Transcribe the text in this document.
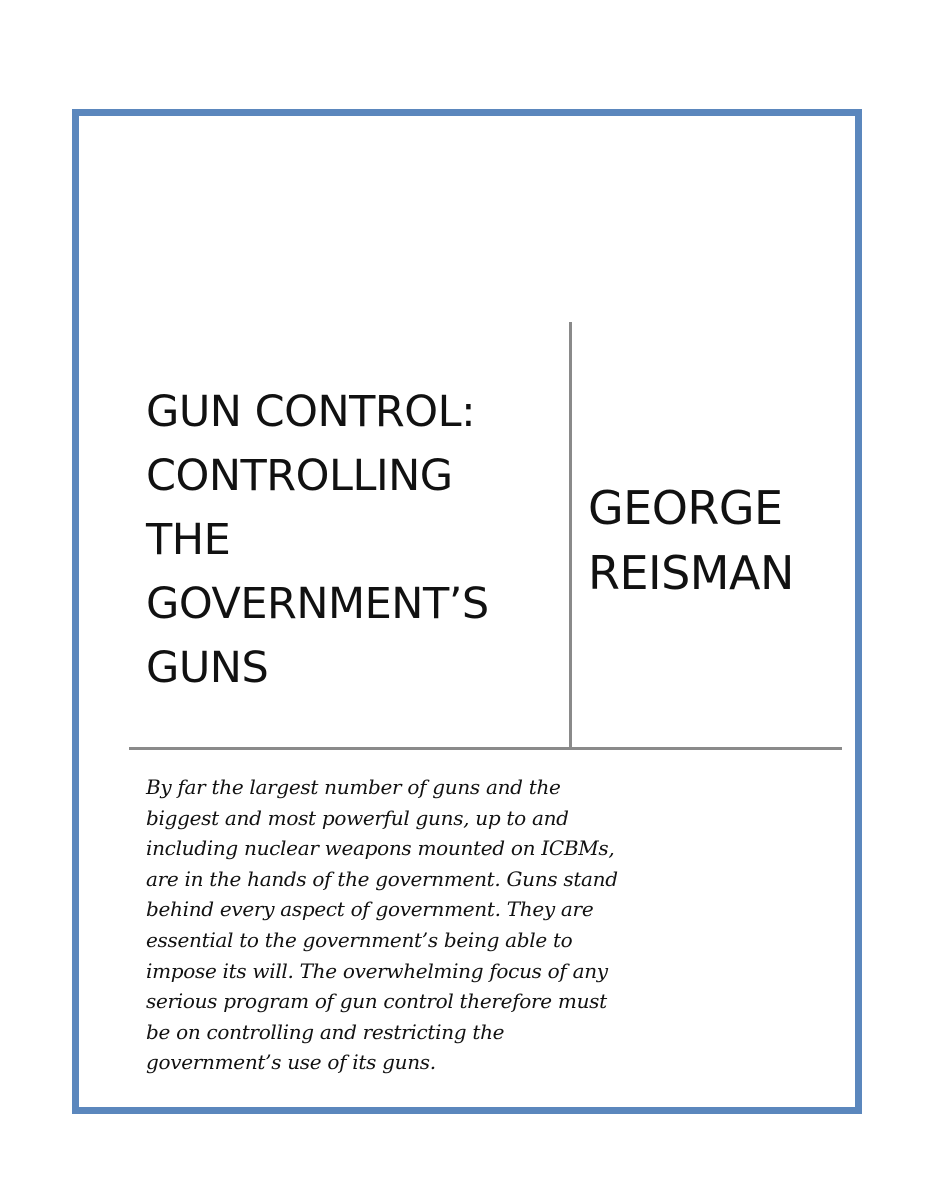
GUN CONTROL:
CONTROLLING
THE
GOVERNMENT’S
GUNS
GEORGE
REISMAN

By far the largest number of guns and the
biggest and most powerful guns, up to and
including nuclear weapons mounted on ICBMs,
are in the hands of the government. Guns stand
behind every aspect of government. They are
essential to the government’s being able to
impose its will. The overwhelming focus of any
serious program of gun control therefore must
be on controlling and restricting the
government’s use of its guns.
